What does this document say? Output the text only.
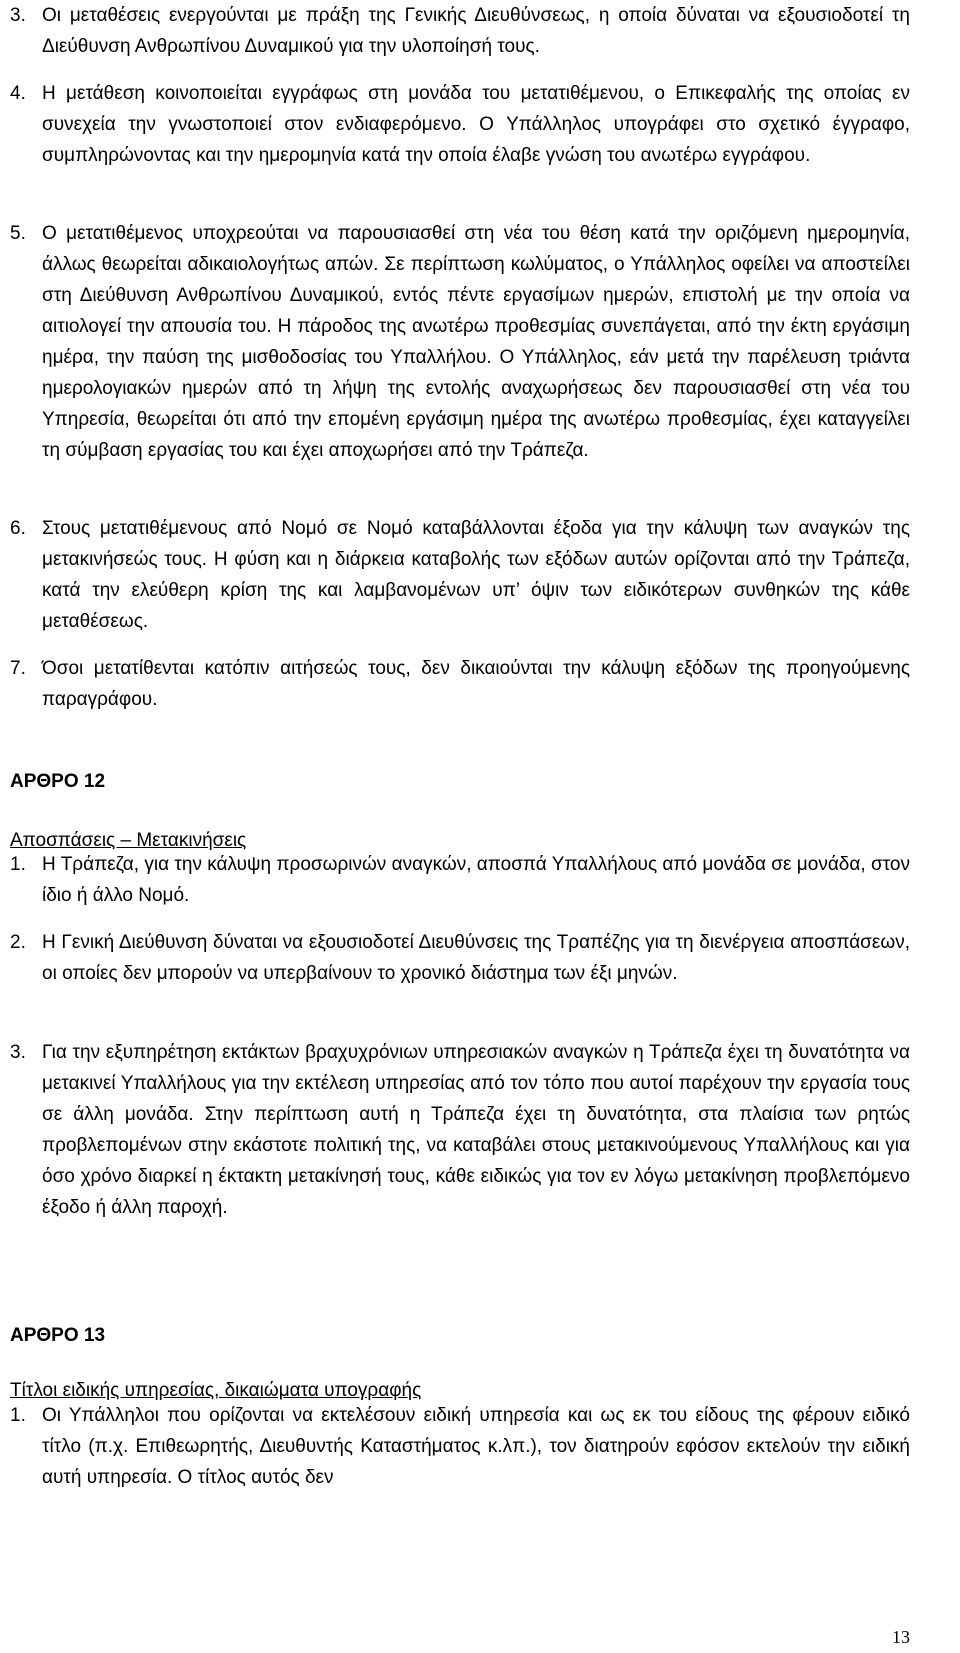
3. Οι μεταθέσεις ενεργούνται με πράξη της Γενικής Διευθύνσεως, η οποία δύναται να εξουσιοδοτεί τη Διεύθυνση Ανθρωπίνου Δυναμικού για την υλοποίησή τους.
4. Η μετάθεση κοινοποιείται εγγράφως στη μονάδα του μετατιθέμενου, ο Επικεφαλής της οποίας εν συνεχεία την γνωστοποιεί στον ενδιαφερόμενο. Ο Υπάλληλος υπογράφει στο σχετικό έγγραφο, συμπληρώνοντας και την ημερομηνία κατά την οποία έλαβε γνώση του ανωτέρω εγγράφου.
5. Ο μετατιθέμενος υποχρεούται να παρουσιασθεί στη νέα του θέση κατά την οριζόμενη ημερομηνία, άλλως θεωρείται αδικαιολογήτως απών. Σε περίπτωση κωλύματος, ο Υπάλληλος οφείλει να αποστείλει στη Διεύθυνση Ανθρωπίνου Δυναμικού, εντός πέντε εργασίμων ημερών, επιστολή με την οποία να αιτιολογεί την απουσία του. Η πάροδος της ανωτέρω προθεσμίας συνεπάγεται, από την έκτη εργάσιμη ημέρα, την παύση της μισθοδοσίας του Υπαλλήλου. Ο Υπάλληλος, εάν μετά την παρέλευση τριάντα ημερολογιακών ημερών από τη λήψη της εντολής αναχωρήσεως δεν παρουσιασθεί στη νέα του Υπηρεσία, θεωρείται ότι από την επομένη εργάσιμη ημέρα της ανωτέρω προθεσμίας, έχει καταγγείλει τη σύμβαση εργασίας του και έχει αποχωρήσει από την Τράπεζα.
6. Στους μετατιθέμενους από Νομό σε Νομό καταβάλλονται έξοδα για την κάλυψη των αναγκών της μετακινήσεώς τους. Η φύση και η διάρκεια καταβολής των εξόδων αυτών ορίζονται από την Τράπεζα, κατά την ελεύθερη κρίση της και λαμβανομένων υπ’ όψιν των ειδικότερων συνθηκών της κάθε μεταθέσεως.
7. Όσοι μετατίθενται κατόπιν αιτήσεώς τους, δεν δικαιούνται την κάλυψη εξόδων της προηγούμενης παραγράφου.
ΑΡΘΡΟ 12
Αποσπάσεις – Μετακινήσεις
1. Η Τράπεζα, για την κάλυψη προσωρινών αναγκών, αποσπά Υπαλλήλους από μονάδα σε μονάδα, στον ίδιο ή άλλο Νομό.
2. Η Γενική Διεύθυνση δύναται να εξουσιοδοτεί Διευθύνσεις της Τραπέζης για τη διενέργεια αποσπάσεων, οι οποίες δεν μπορούν να υπερβαίνουν το χρονικό διάστημα των έξι μηνών.
3. Για την εξυπηρέτηση εκτάκτων βραχυχρόνιων υπηρεσιακών αναγκών η Τράπεζα έχει τη δυνατότητα να μετακινεί Υπαλλήλους για την εκτέλεση υπηρεσίας από τον τόπο που αυτοί παρέχουν την εργασία τους σε άλλη μονάδα. Στην περίπτωση αυτή η Τράπεζα έχει τη δυνατότητα, στα πλαίσια των ρητώς προβλεπομένων στην εκάστοτε πολιτική της, να καταβάλει στους μετακινούμενους Υπαλλήλους και για όσο χρόνο διαρκεί η έκτακτη μετακίνησή τους, κάθε ειδικώς για τον εν λόγω μετακίνηση προβλεπόμενο έξοδο ή άλλη παροχή.
ΑΡΘΡΟ 13
Τίτλοι ειδικής υπηρεσίας, δικαιώματα υπογραφής
1. Οι Υπάλληλοι που ορίζονται να εκτελέσουν ειδική υπηρεσία και ως εκ του είδους της φέρουν ειδικό τίτλο (π.χ. Επιθεωρητής, Διευθυντής Καταστήματος κ.λπ.), τον διατηρούν εφόσον εκτελούν την ειδική αυτή υπηρεσία. Ο τίτλος αυτός δεν
13
